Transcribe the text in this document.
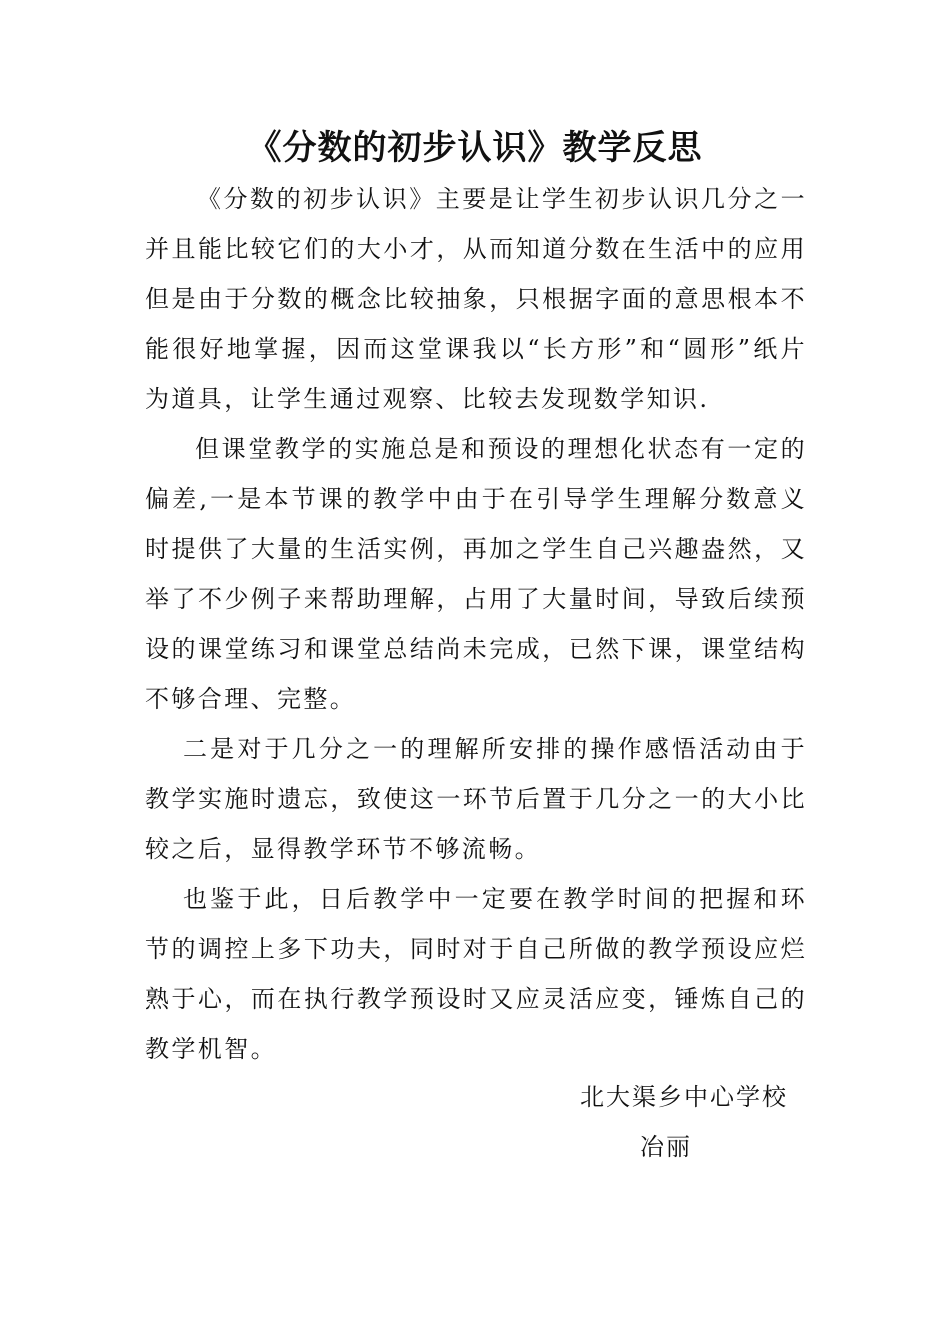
《分数的初步认识》教学反思

《分数的初步认识》主要是让学生初步认识几分之一并且能比较它们的大小才，从而知道分数在生活中的应用但是由于分数的概念比较抽象，只根据字面的意思根本不能很好地掌握，因而这堂课我以“长方形”和“圆形”纸片为道具，让学生通过观察、比较去发现数学知识.

但课堂教学的实施总是和预设的理想化状态有一定的偏差,一是本节课的教学中由于在引导学生理解分数意义时提供了大量的生活实例，再加之学生自己兴趣盎然，又举了不少例子来帮助理解，占用了大量时间，导致后续预设的课堂练习和课堂总结尚未完成，已然下课，课堂结构不够合理、完整。

二是对于几分之一的理解所安排的操作感悟活动由于教学实施时遗忘，致使这一环节后置于几分之一的大小比较之后，显得教学环节不够流畅。

也鉴于此，日后教学中一定要在教学时间的把握和环节的调控上多下功夫，同时对于自己所做的教学预设应烂熟于心，而在执行教学预设时又应灵活应变，锤炼自己的教学机智。

北大渠乡中心学校
冶丽
